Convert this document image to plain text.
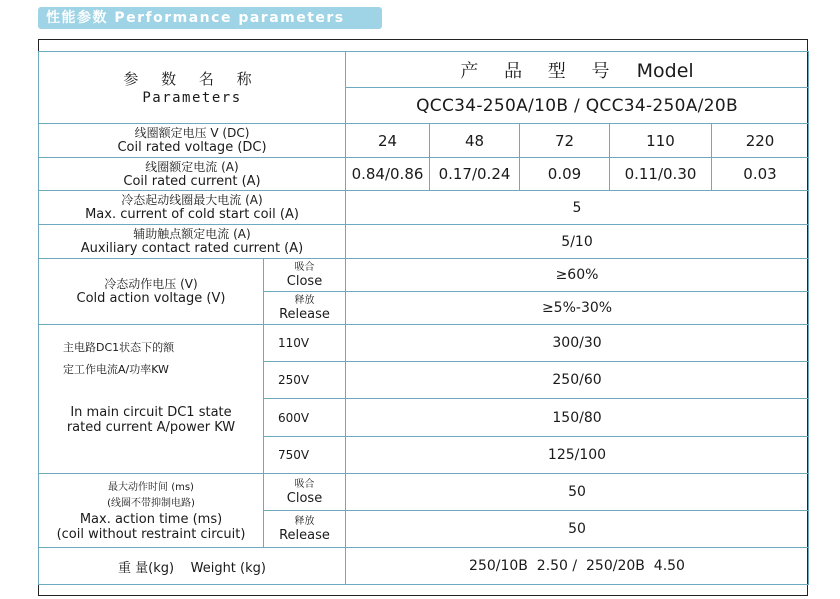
性能参数 Performance parameters
参 数 名 称
Parameters		产 品 型 号 Model				
		QCC34-250A/10B / QCC34-250A/20B				

线圈额定电压 V (DC)
Coil rated voltage (DC)		24	48	72	110	220

线圈额定电流 (A)
Coil rated current (A)		0.84/0.86	0.17/0.24	0.09	0.11/0.30	0.03

冷态起动线圈最大电流 (A)
Max. current of cold start coil (A)		5				

辅助触点额定电流 (A)
Auxiliary contact rated current (A)		5/10				

冷态动作电压 (V)
Cold action voltage (V)	吸合
Close	≥60%				

	释放
Release	≥5%-30%				

主电路DC1状态下的额
定工作电流A/功率KW
In main circuit DC1 state
rated current A/power KW	110V	300/30				
	250V	250/60				
	600V	150/80				
	750V	125/100				

最大动作时间 (ms)
(线圈不带抑制电路)
Max. action time (ms)
(coil without restraint circuit)	吸合
Close	50				

	释放
Release	50				
重 量(kg)    Weight (kg)		250/10B  2.50 /  250/20B  4.50				
